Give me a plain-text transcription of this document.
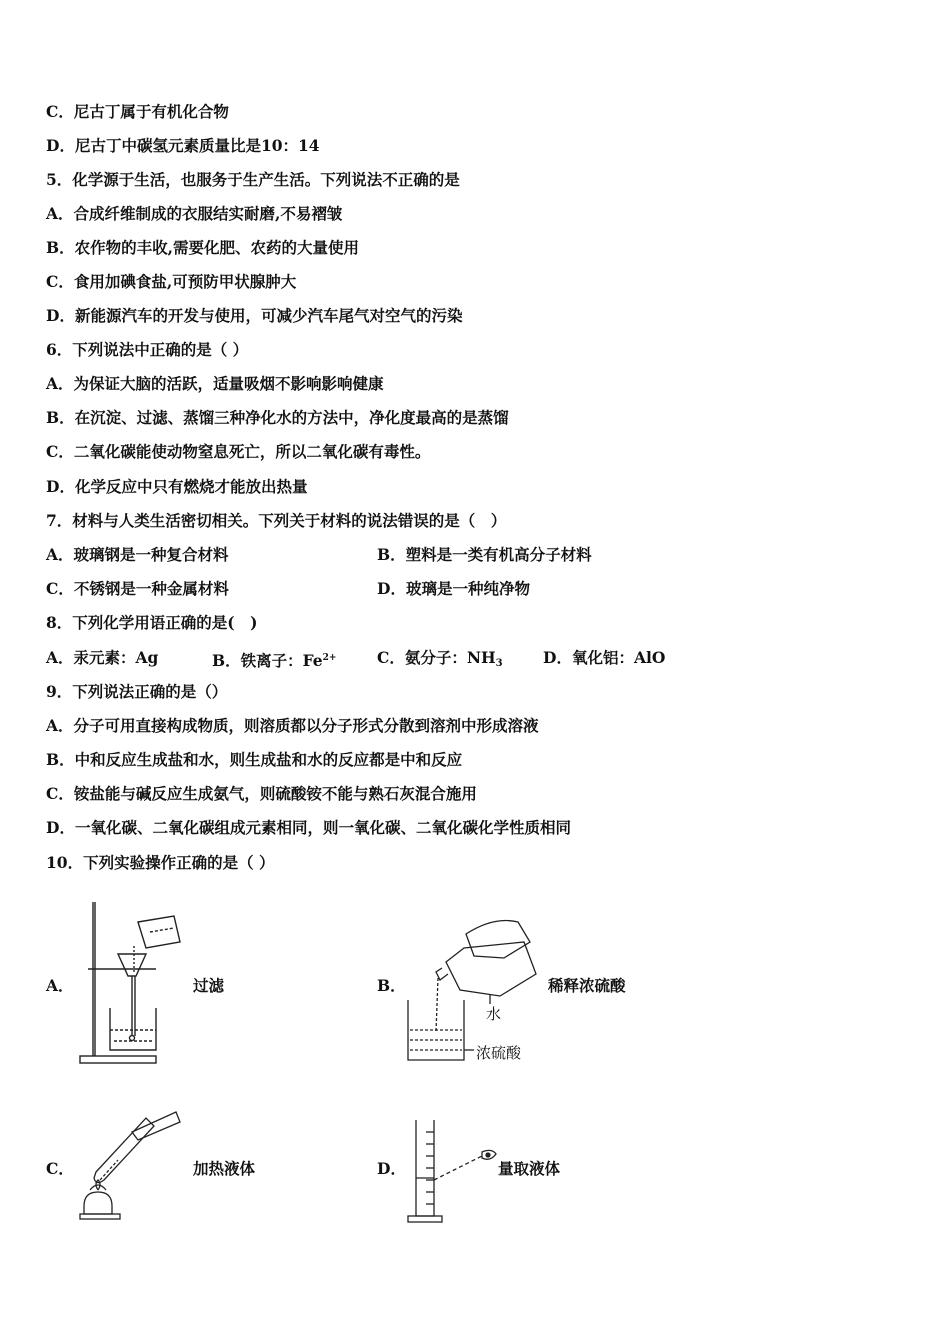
C．尼古丁属于有机化合物
D．尼古丁中碳氢元素质量比是10：14
5．化学源于生活，也服务于生产生活。下列说法不正确的是
A．合成纤维制成的衣服结实耐磨,不易褶皱
B．农作物的丰收,需要化肥、农药的大量使用
C．食用加碘食盐,可预防甲状腺肿大
D．新能源汽车的开发与使用，可减少汽车尾气对空气的污染
6．下列说法中正确的是（ ）
A．为保证大脑的活跃，适量吸烟不影响影响健康
B．在沉淀、过滤、蒸馏三种净化水的方法中，净化度最高的是蒸馏
C．二氧化碳能使动物窒息死亡，所以二氧化碳有毒性。
D．化学反应中只有燃烧才能放出热量
7．材料与人类生活密切相关。下列关于材料的说法错误的是（　）
A．玻璃钢是一种复合材料	B．塑料是一类有机高分子材料
C．不锈钢是一种金属材料	D．玻璃是一种纯净物
8．下列化学用语正确的是(　)
A．汞元素：Ag	B．铁离子：$Fe^{2+}$	C．氨分子：$NH_3$	D．氧化铝：AlO
9．下列说法正确的是（）
A．分子可用直接构成物质，则溶质都以分子形式分散到溶剂中形成溶液
B．中和反应生成盐和水，则生成盐和水的反应都是中和反应
C．铵盐能与碱反应生成氨气，则硫酸铵不能与熟石灰混合施用
D．一氧化碳、二氧化碳组成元素相同，则一氧化碳、二氧化碳化学性质相同
10．下列实验操作正确的是（ ）
A．	过滤	B．
水
浓硫酸
稀释浓硫酸
C．	加热液体	D．	量取液体
